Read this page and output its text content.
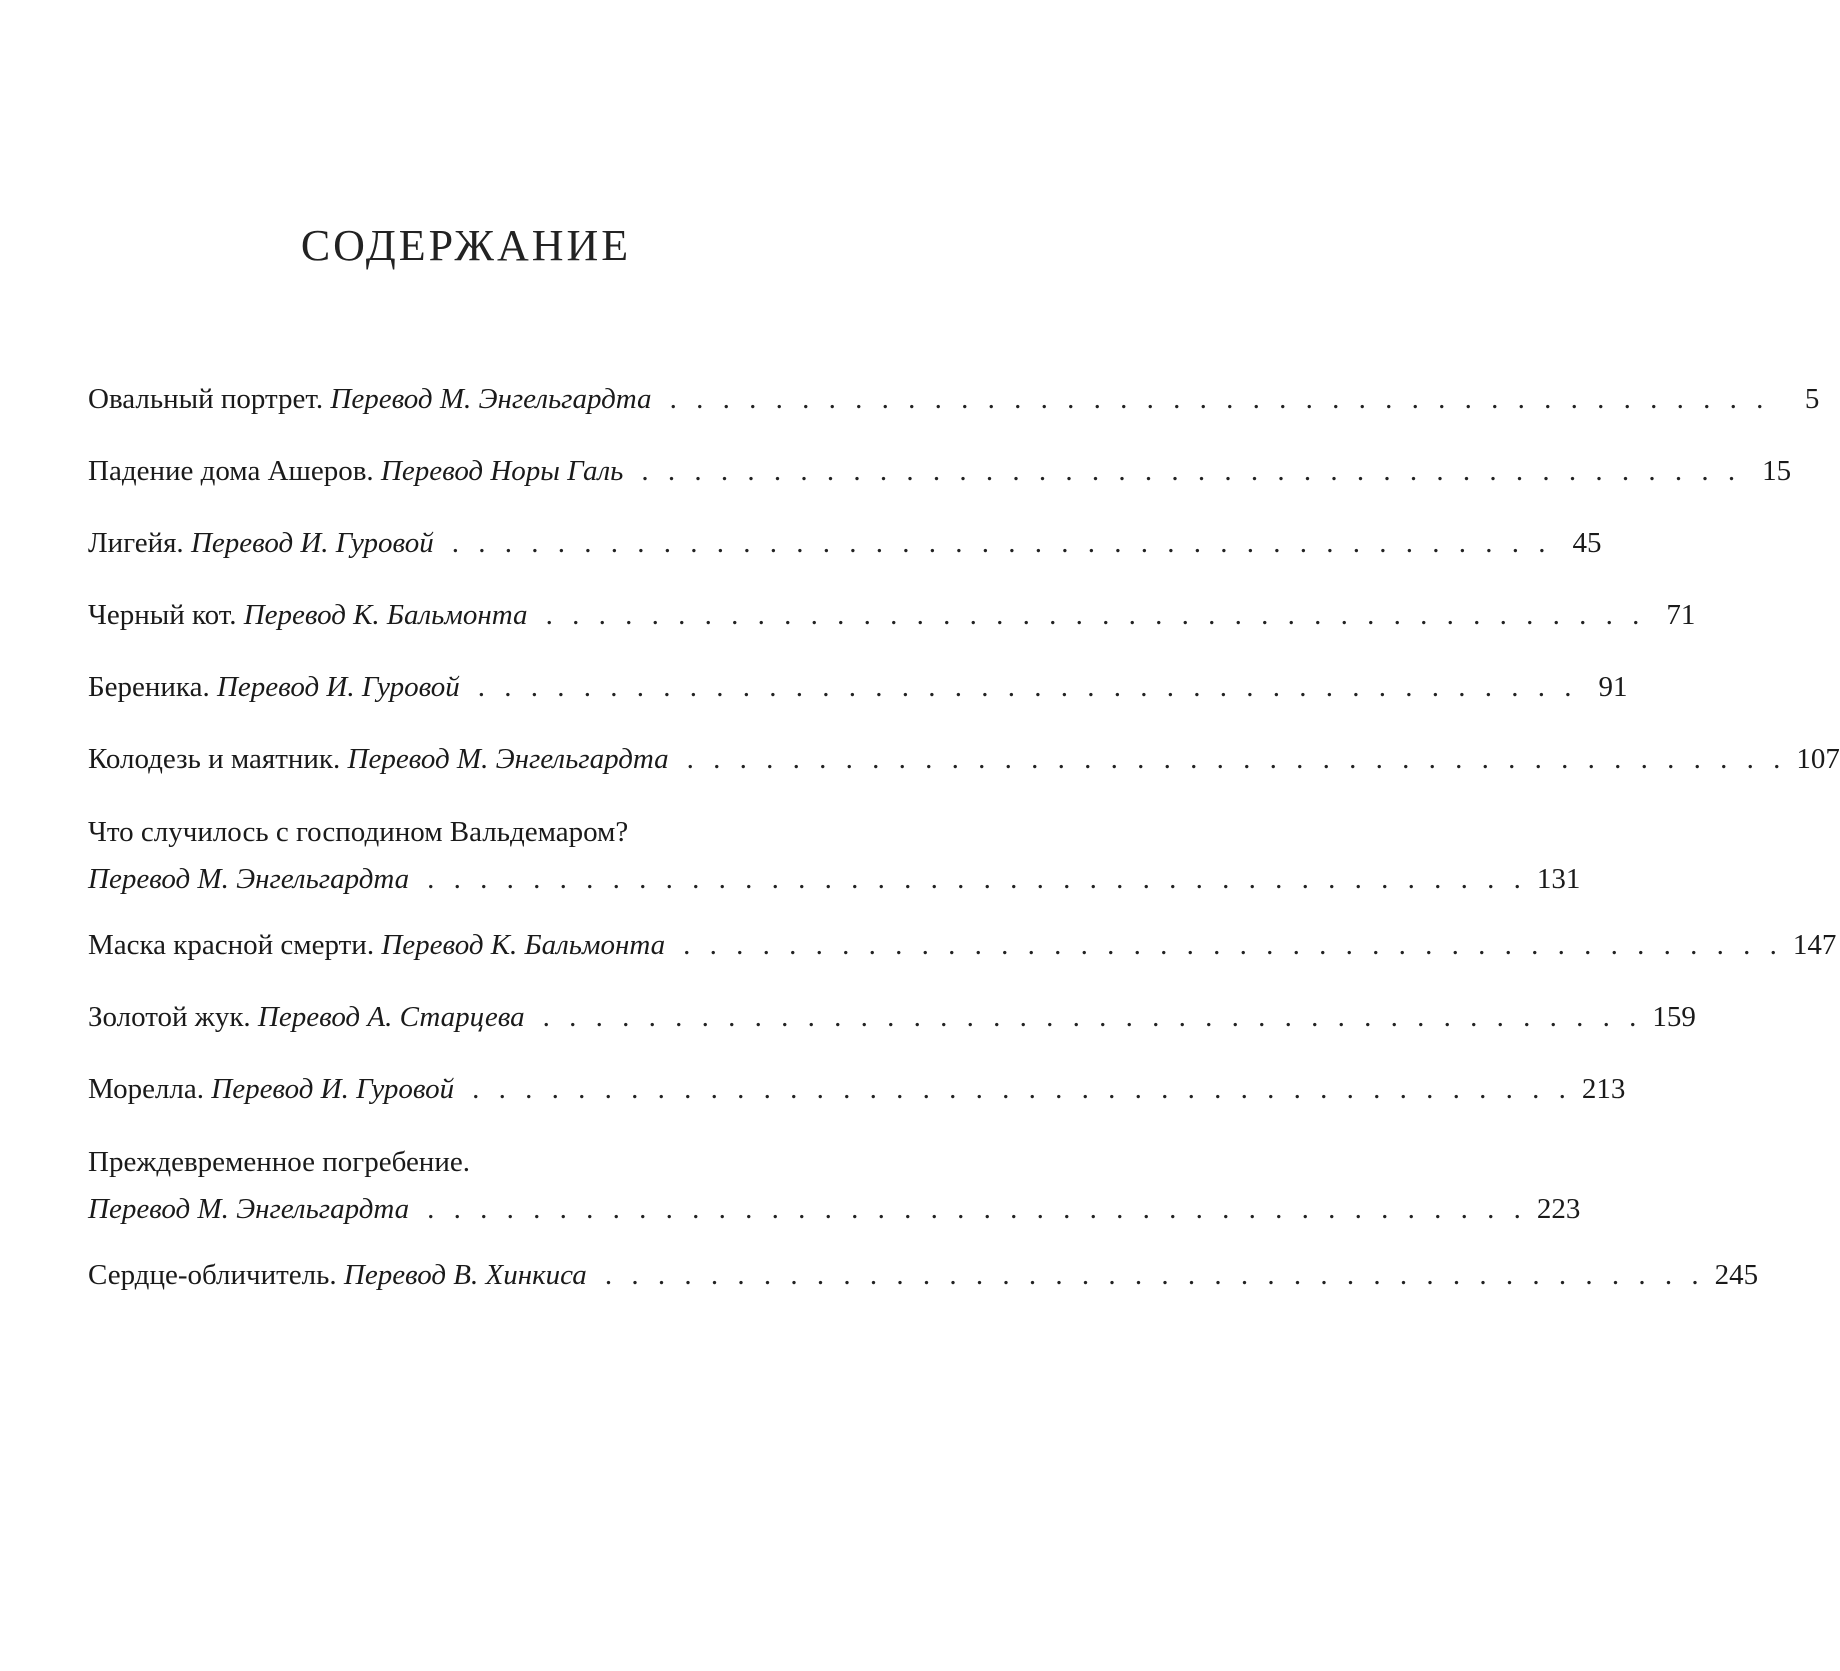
СОДЕРЖАНИЕ
Овальный портрет.
Перевод М. Энгельгардта . . . . . . . . . . . . . . . . . . . . . . . . . . . . . . . . . . . . . . . . . .	5
Падение дома Ашеров.
Перевод Норы Галь . . . . . . . . . . . . . . . . . . . . . . . . . . . . . . . . . . . . . . . . . . 15
Лигейя.
Перевод И. Гуровой . . . . . . . . . . . . . . . . . . . . . . . . . . . . . . . . . . . . . . . . . . 45
Черный кот.
Перевод К. Бальмонта . . . . . . . . . . . . . . . . . . . . . . . . . . . . . . . . . . . . . . . . . . 71
Береника.
Перевод И. Гуровой . . . . . . . . . . . . . . . . . . . . . . . . . . . . . . . . . . . . . . . . . . 91
Колодезь и маятник.
Перевод М. Энгельгардта . . . . . . . . . . . . . . . . . . . . . . . . . . . . . . . . . . . . . . . . . . 107
Что случилось с господином Вальдемаром?
Перевод М. Энгельгардта . . . . . . . . . . . . . . . . . . . . . . . . . . . . . . . . . . . . . . . . . . 131
Маска красной смерти.
Перевод К. Бальмонта . . . . . . . . . . . . . . . . . . . . . . . . . . . . . . . . . . . . . . . . . . 147
Золотой жук.
Перевод А. Старцева . . . . . . . . . . . . . . . . . . . . . . . . . . . . . . . . . . . . . . . . . . 159
Морелла.
Перевод И. Гуровой . . . . . . . . . . . . . . . . . . . . . . . . . . . . . . . . . . . . . . . . . . 213
Преждевременное погребение.
Перевод М. Энгельгардта . . . . . . . . . . . . . . . . . . . . . . . . . . . . . . . . . . . . . . . . . . 223
Сердце-обличитель.
Перевод В. Хинкиса . . . . . . . . . . . . . . . . . . . . . . . . . . . . . . . . . . . . . . . . . . 245
